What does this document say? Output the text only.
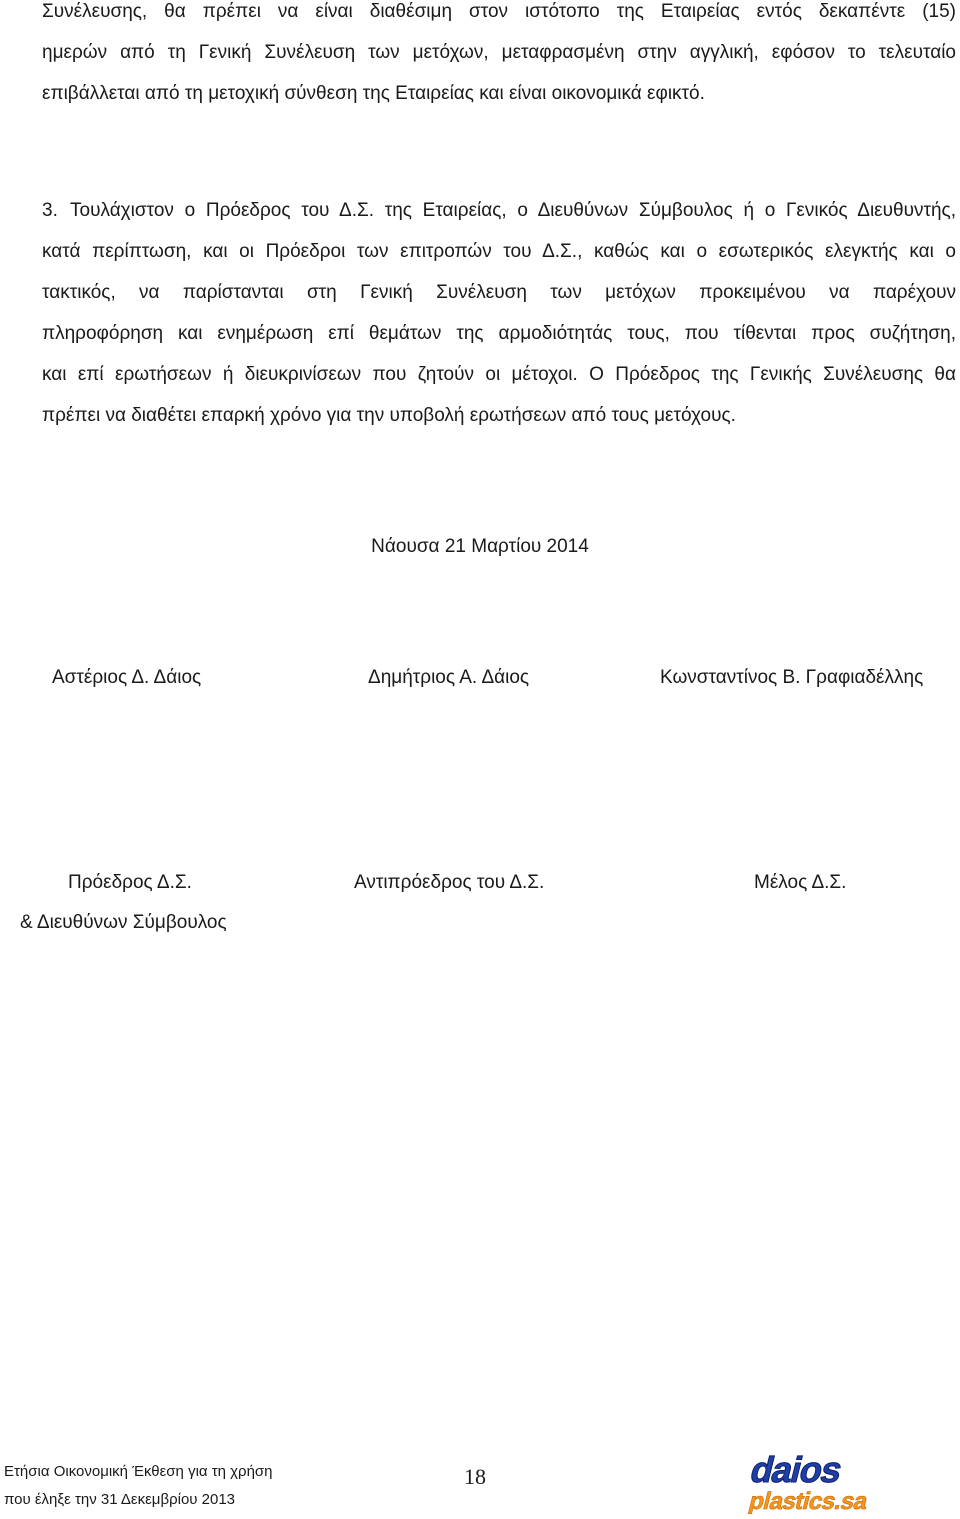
Συνέλευσης, θα πρέπει να είναι διαθέσιμη στον ιστότοπο της Εταιρείας εντός δεκαπέντε (15)
ημερών από τη Γενική Συνέλευση των μετόχων, μεταφρασμένη στην αγγλική, εφόσον το τελευταίο
επιβάλλεται από τη μετοχική σύνθεση της Εταιρείας και είναι οικονομικά εφικτό.
3. Τουλάχιστον ο Πρόεδρος του Δ.Σ. της Εταιρείας, ο Διευθύνων Σύμβουλος ή ο Γενικός Διευθυντής,
κατά περίπτωση, και οι Πρόεδροι των επιτροπών του Δ.Σ., καθώς και ο εσωτερικός ελεγκτής και ο
τακτικός, να παρίστανται στη Γενική Συνέλευση των μετόχων προκειμένου να παρέχουν
πληροφόρηση και ενημέρωση επί θεμάτων της αρμοδιότητάς τους, που τίθενται προς συζήτηση,
και επί ερωτήσεων ή διευκρινίσεων που ζητούν οι μέτοχοι. Ο Πρόεδρος της Γενικής Συνέλευσης θα
πρέπει να διαθέτει επαρκή χρόνο για την υποβολή ερωτήσεων από τους μετόχους.
Νάουσα 21 Μαρτίου 2014
Αστέριος Δ. Δάιος	Δημήτριος Α. Δάιος	Κωνσταντίνος Β. Γραφιαδέλλης
Πρόεδρος Δ.Σ.	Αντιπρόεδρος του Δ.Σ.	Μέλος Δ.Σ.
& Διευθύνων Σύμβουλος
Ετήσια Οικονομική Έκθεση για τη χρήση
που έληξε την 31 Δεκεμβρίου 2013
18	daios
plastics.sa
